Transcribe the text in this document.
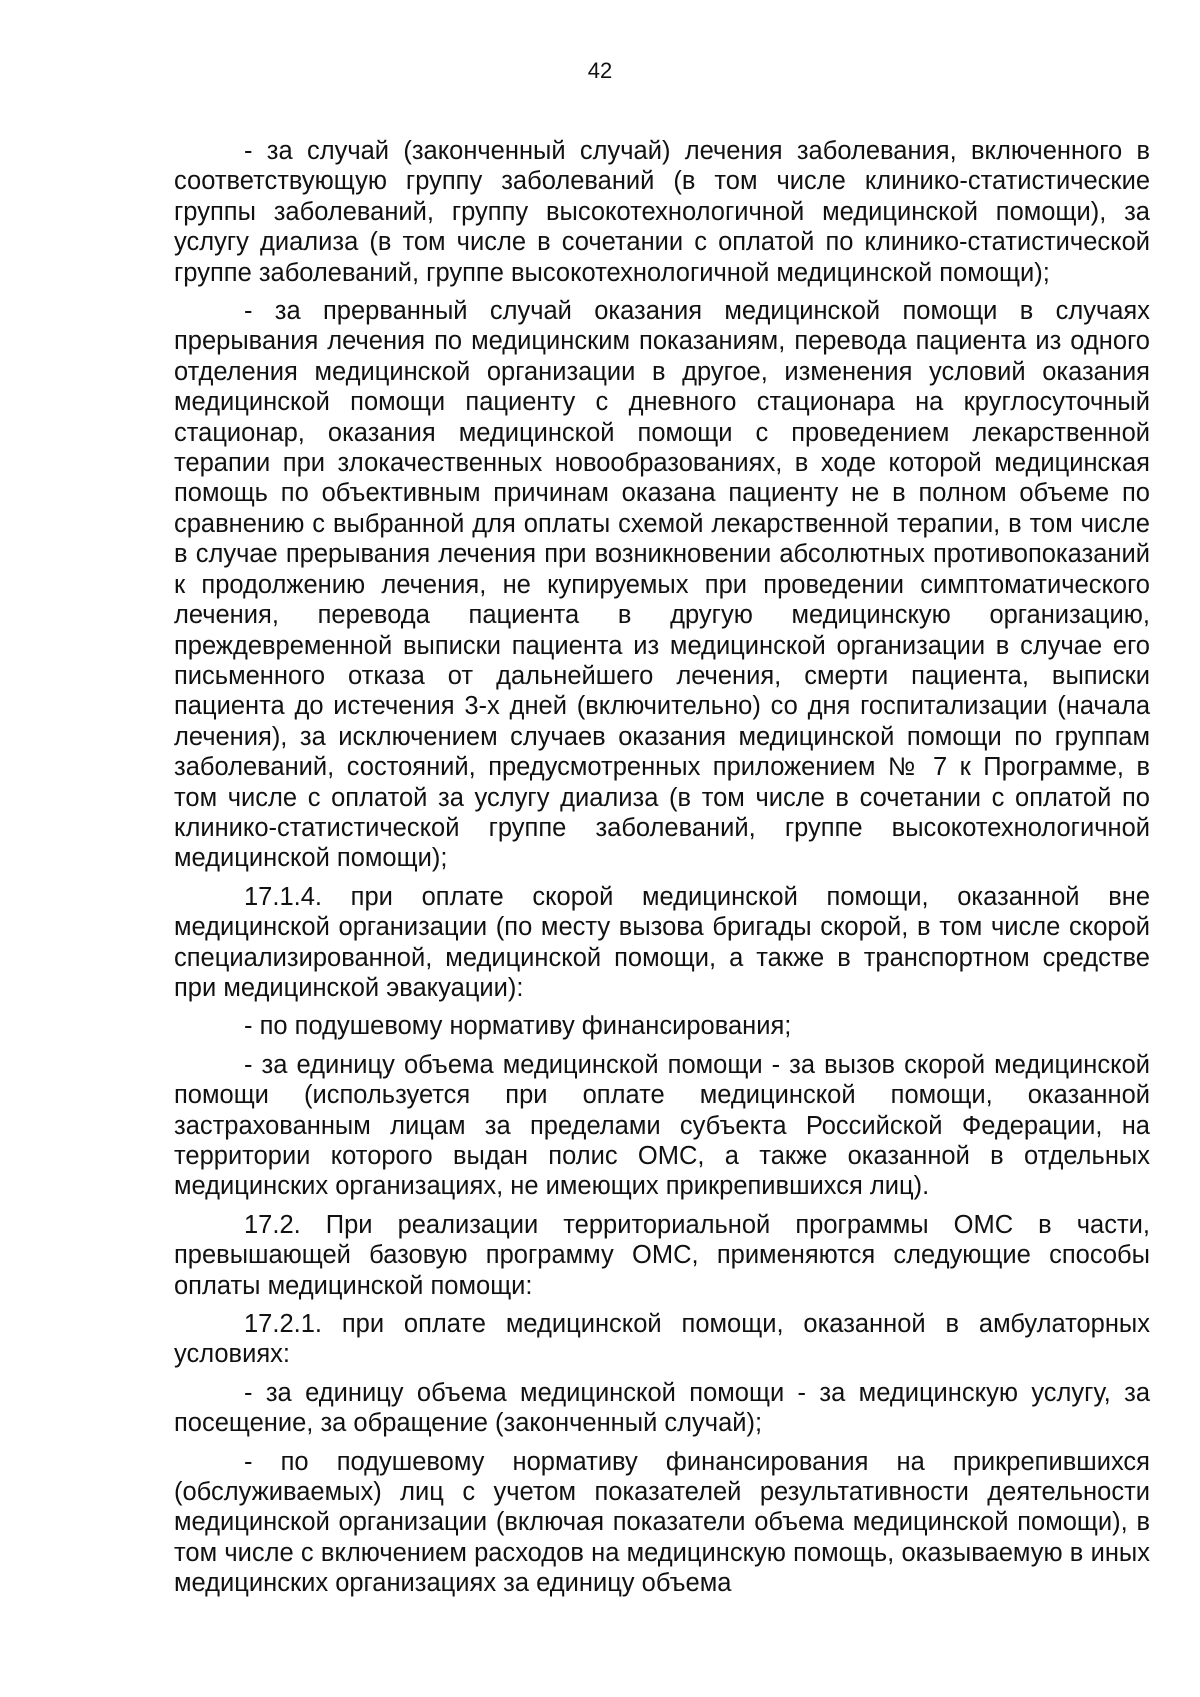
42

- за случай (законченный случай) лечения заболевания, включенного в соответствующую группу заболеваний (в том числе клинико-статистические группы заболеваний, группу высокотехнологичной медицинской помощи), за услугу диализа (в том числе в сочетании с оплатой по клинико-статистической группе заболеваний, группе высокотехнологичной медицинской помощи);

- за прерванный случай оказания медицинской помощи в случаях прерывания лечения по медицинским показаниям, перевода пациента из одного отделения медицинской организации в другое, изменения условий оказания медицинской помощи пациенту с дневного стационара на круглосуточный стационар, оказания медицинской помощи с проведением лекарственной терапии при злокачественных новообразованиях, в ходе которой медицинская помощь по объективным причинам оказана пациенту не в полном объеме по сравнению с выбранной для оплаты схемой лекарственной терапии, в том числе в случае прерывания лечения при возникновении абсолютных противопоказаний к продолжению лечения, не купируемых при проведении симптоматического лечения, перевода пациента в другую медицинскую организацию, преждевременной выписки пациента из медицинской организации в случае его письменного отказа от дальнейшего лечения, смерти пациента, выписки пациента до истечения 3-х дней (включительно) со дня госпитализации (начала лечения), за исключением случаев оказания медицинской помощи по группам заболеваний, состояний, предусмотренных приложением № 7 к Программе, в том числе с оплатой за услугу диализа (в том числе в сочетании с оплатой по клинико-статистической группе заболеваний, группе высокотехнологичной медицинской помощи);

17.1.4. при оплате скорой медицинской помощи, оказанной вне медицинской организации (по месту вызова бригады скорой, в том числе скорой специализированной, медицинской помощи, а также в транспортном средстве при медицинской эвакуации):

- по подушевому нормативу финансирования;

- за единицу объема медицинской помощи - за вызов скорой медицинской помощи (используется при оплате медицинской помощи, оказанной застрахованным лицам за пределами субъекта Российской Федерации, на территории которого выдан полис ОМС, а также оказанной в отдельных медицинских организациях, не имеющих прикрепившихся лиц).

17.2. При реализации территориальной программы ОМС в части, превышающей базовую программу ОМС, применяются следующие способы оплаты медицинской помощи:

17.2.1. при оплате медицинской помощи, оказанной в амбулаторных условиях:

- за единицу объема медицинской помощи - за медицинскую услугу, за посещение, за обращение (законченный случай);

- по подушевому нормативу финансирования на прикрепившихся (обслуживаемых) лиц с учетом показателей результативности деятельности медицинской организации (включая показатели объема медицинской помощи), в том числе с включением расходов на медицинскую помощь, оказываемую в иных медицинских организациях за единицу объема
